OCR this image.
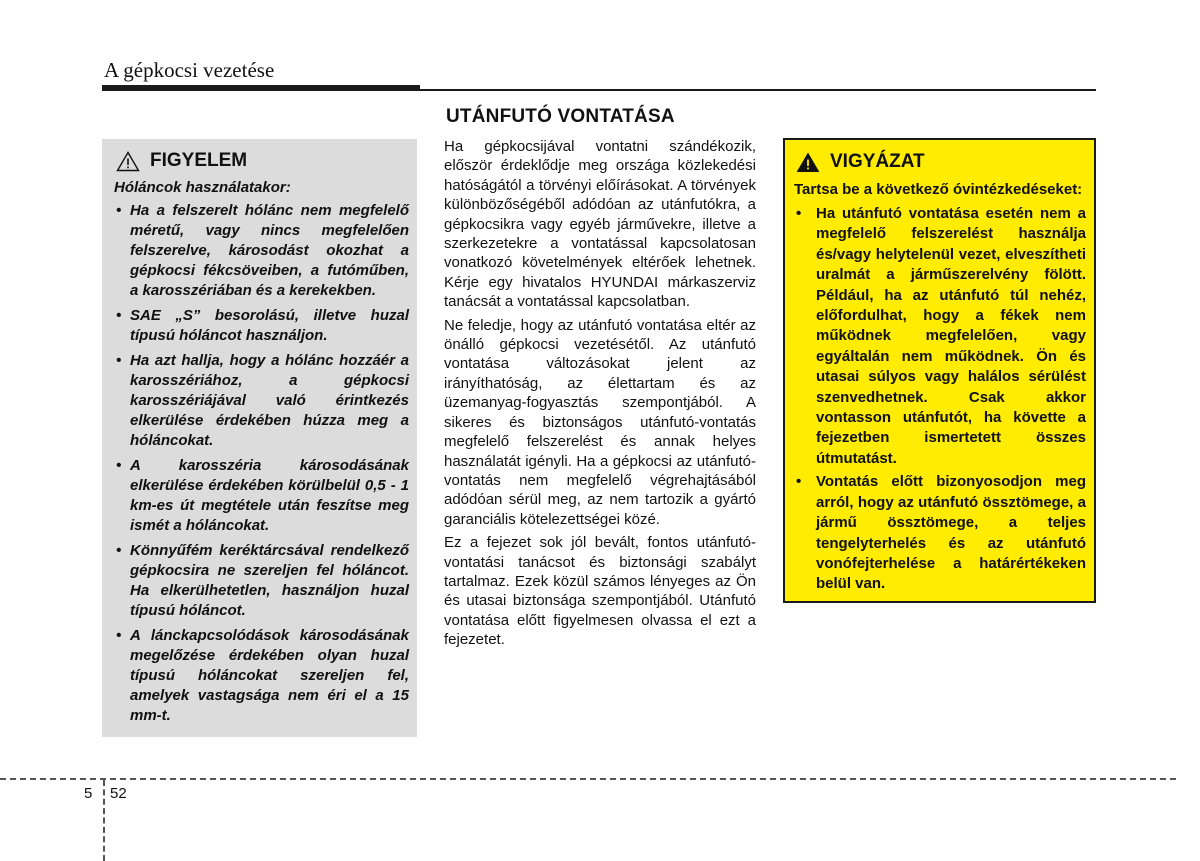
A gépkocsi vezetése
UTÁNFUTÓ VONTATÁSA
FIGYELEM
Hóláncok használatakor:
• Ha a felszerelt hólánc nem megfelelő méretű, vagy nincs megfelelően felszerelve, károsodást okozhat a gépkocsi fékcsöveiben, a futóműben, a karosszériában és a kerekekben.
• SAE „S” besorolású, illetve huzal típusú hóláncot használjon.
• Ha azt hallja, hogy a hólánc hozzáér a karosszériához, a gépkocsi karosszériájával való érintkezés elkerülése érdekében húzza meg a hóláncokat.
• A karosszéria károsodásának elkerülése érdekében körülbelül 0,5 - 1 km-es út megtétele után feszítse meg ismét a hóláncokat.
• Könnyűfém keréktárcsával rendelkező gépkocsira ne szereljen fel hóláncot. Ha elkerülhetetlen, használjon huzal típusú hóláncot.
• A lánckapcsolódások károsodásának megelőzése érdekében olyan huzal típusú hóláncokat szereljen fel, amelyek vastagsága nem éri el a 15 mm-t.

Ha gépkocsijával vontatni szándékozik, először érdeklődje meg országa közlekedési hatóságától a törvényi előírásokat. A törvények különbözőségéből adódóan az utánfutókra, a gépkocsikra vagy egyéb járművekre, illetve a szerkezetekre a vontatással kapcsolatosan vonatkozó követelmények eltérőek lehetnek. Kérje egy hivatalos HYUNDAI márkaszerviz tanácsát a vontatással kapcsolatban.

Ne feledje, hogy az utánfutó vontatása eltér az önálló gépkocsi vezetésétől. Az utánfutó vontatása változásokat jelent az irányíthatóság, az élettartam és az üzemanyag-fogyasztás szempontjából. A sikeres és biztonságos utánfutó-vontatás megfelelő felszerelést és annak helyes használatát igényli. Ha a gépkocsi az utánfutó-vontatás nem megfelelő végrehajtásából adódóan sérül meg, az nem tartozik a gyártó garanciális kötelezettségei közé.

Ez a fejezet sok jól bevált, fontos utánfutó-vontatási tanácsot és biztonsági szabályt tartalmaz. Ezek közül számos lényeges az Ön és utasai biztonsága szempontjából. Utánfutó vontatása előtt figyelmesen olvassa el ezt a fejezetet.

VIGYÁZAT
Tartsa be a következő óvintézkedéseket:
• Ha utánfutó vontatása esetén nem a megfelelő felszerelést használja és/vagy helytelenül vezet, elveszítheti uralmát a járműszerelvény fölött. Például, ha az utánfutó túl nehéz, előfordulhat, hogy a fékek nem működnek megfelelően, vagy egyáltalán nem működnek. Ön és utasai súlyos vagy halálos sérülést szenvedhetnek. Csak akkor vontasson utánfutót, ha követte a fejezetben ismertetett összes útmutatást.
• Vontatás előtt bizonyosodjon meg arról, hogy az utánfutó össztömege, a jármű össztömege, a teljes tengelyterhelés és az utánfutó vonófejterhelése a határértékeken belül van.
5 52
